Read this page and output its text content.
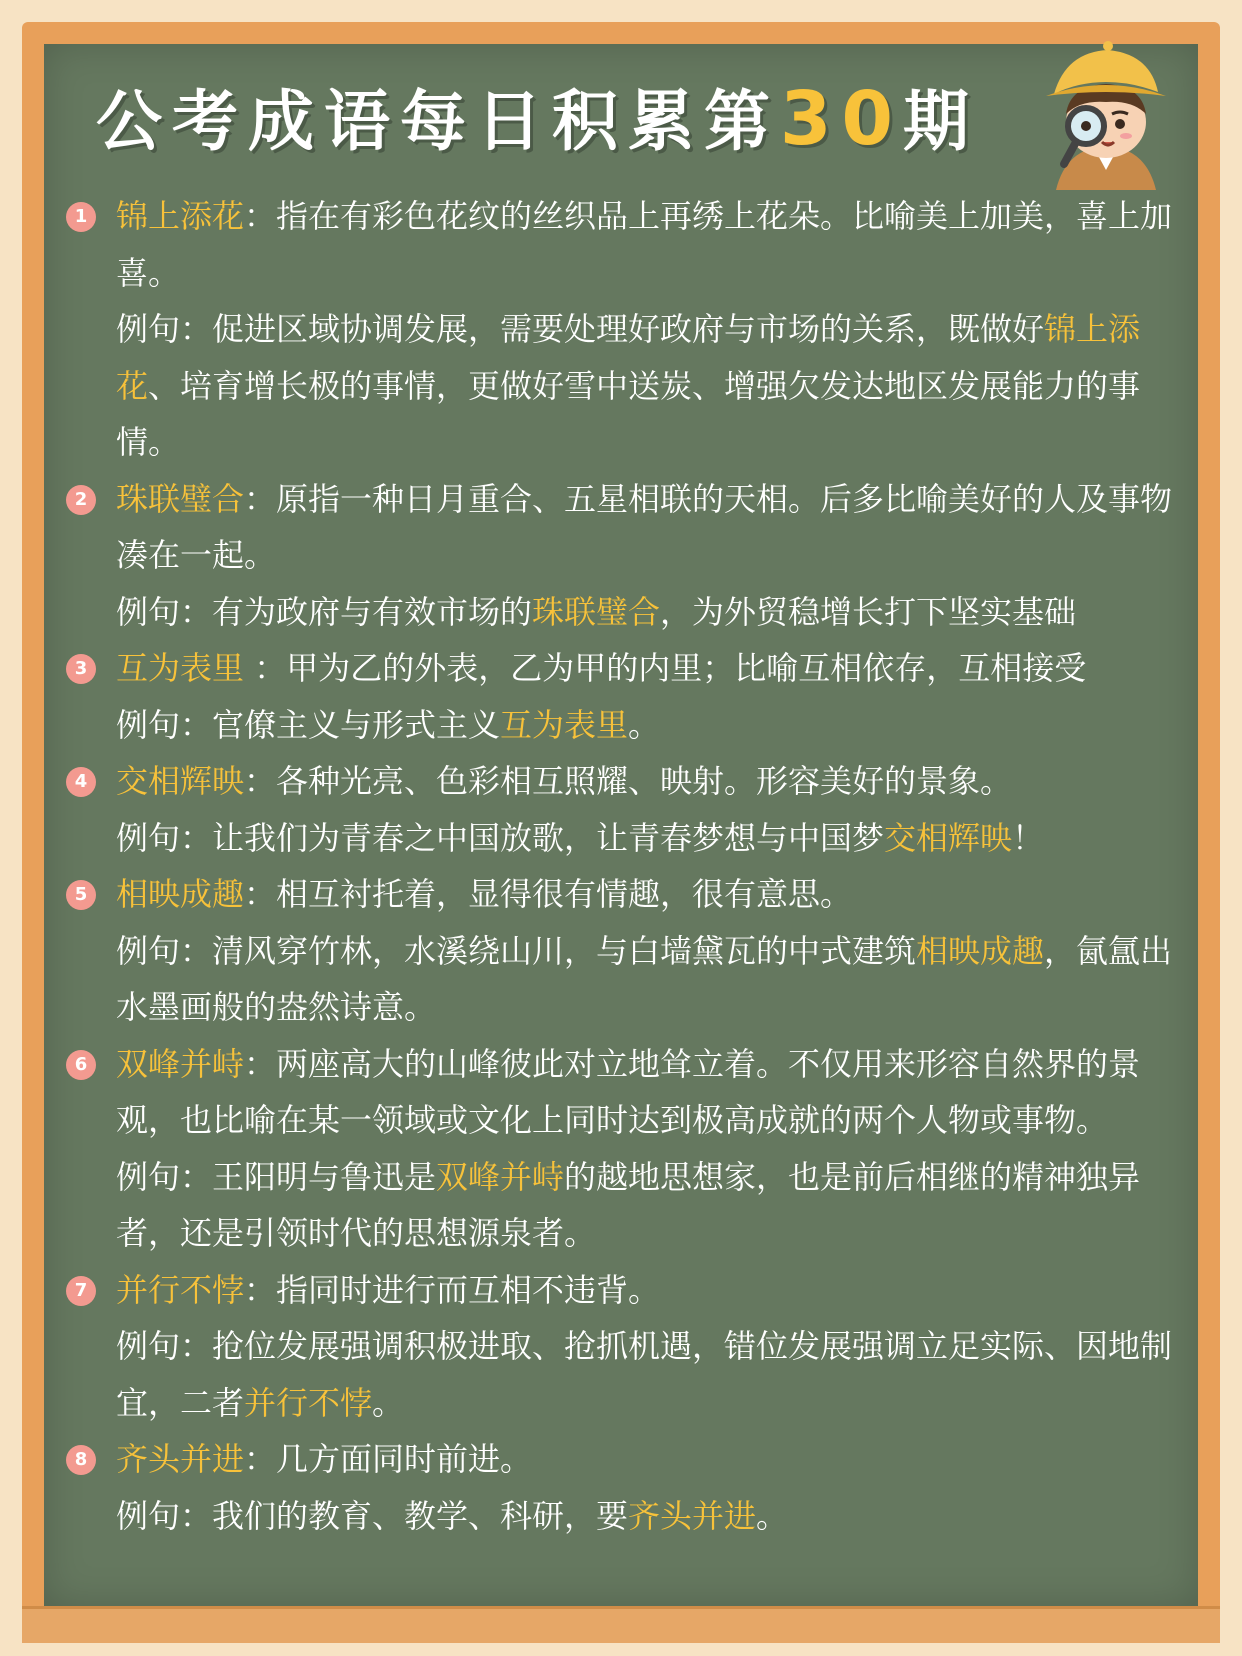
公考成语每日积累第30期
1 锦上添花：指在有彩色花纹的丝织品上再绣上花朵。比喻美上加美，喜上加喜。

例句：促进区域协调发展，需要处理好政府与市场的关系，既做好锦上添花、培育增长极的事情，更做好雪中送炭、增强欠发达地区发展能力的事情。

2 珠联璧合：原指一种日月重合、五星相联的天相。后多比喻美好的人及事物凑在一起。

例句：有为政府与有效市场的珠联璧合，为外贸稳增长打下坚实基础

3 互为表里 ：甲为乙的外表，乙为甲的内里；比喻互相依存，互相接受

例句：官僚主义与形式主义互为表里。

4 交相辉映：各种光亮、色彩相互照耀、映射。形容美好的景象。

例句：让我们为青春之中国放歌，让青春梦想与中国梦交相辉映！

5 相映成趣：相互衬托着，显得很有情趣，很有意思。

例句：清风穿竹林，水溪绕山川，与白墙黛瓦的中式建筑相映成趣，氤氲出水墨画般的盎然诗意。

6 双峰并峙：两座高大的山峰彼此对立地耸立着。不仅用来形容自然界的景观，也比喻在某一领域或文化上同时达到极高成就的两个人物或事物。

例句：王阳明与鲁迅是双峰并峙的越地思想家，也是前后相继的精神独异者，还是引领时代的思想源泉者。

7 并行不悖：指同时进行而互相不违背。

例句：抢位发展强调积极进取、抢抓机遇，错位发展强调立足实际、因地制宜，二者并行不悖。

8 齐头并进：几方面同时前进。

例句：我们的教育、教学、科研，要齐头并进。
